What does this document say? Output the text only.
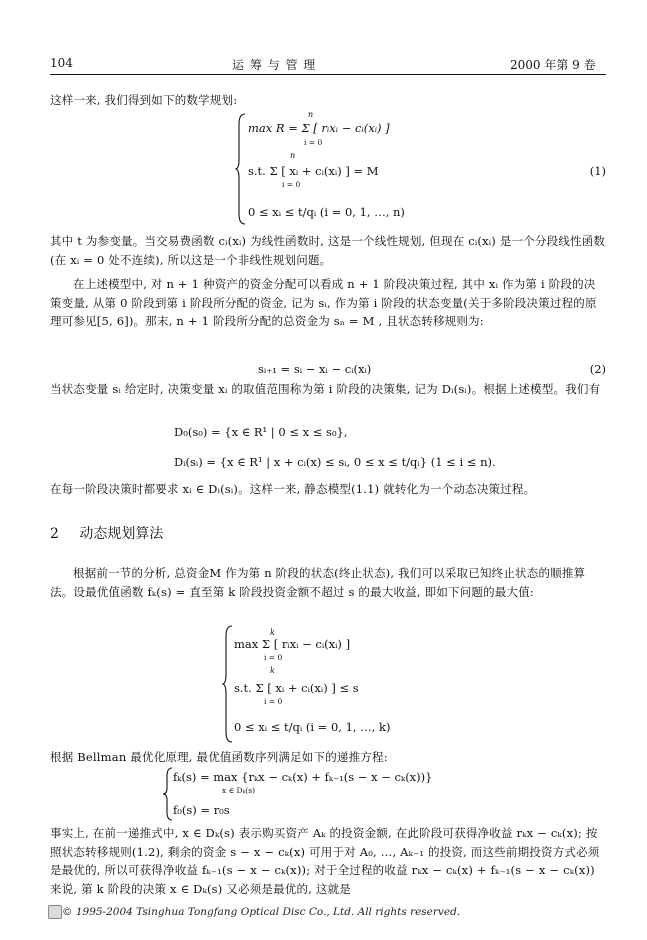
104	运 筹 与 管 理	2000 年第 9 卷

这样一来, 我们得到如下的数学规划:

n
max R = Σ [ rᵢxᵢ − cᵢ(xᵢ) ]
i = 0
n
s.t. Σ [ xᵢ + cᵢ(xᵢ) ] = M
i = 0
0 ≤ xᵢ ≤ t/qᵢ (i = 0, 1, …, n)
(1)

其中 t 为参变量。当交易费函数 cᵢ(xᵢ) 为线性函数时, 这是一个线性规划, 但现在 cᵢ(xᵢ) 是一个分段线性函数(在 xᵢ = 0 处不连续), 所以这是一个非线性规划问题。

在上述模型中, 对 n + 1 种资产的资金分配可以看成 n + 1 阶段决策过程, 其中 xᵢ 作为第 i 阶段的决策变量, 从第 0 阶段到第 i 阶段所分配的资金, 记为 sᵢ, 作为第 i 阶段的状态变量(关于多阶段决策过程的原理可参见[5, 6])。那末, n + 1 阶段所分配的总资金为 sₙ = M , 且状态转移规则为:

sᵢ₊₁ = sᵢ − xᵢ − cᵢ(xᵢ)	(2)

当状态变量 sᵢ 给定时, 决策变量 xᵢ 的取值范围称为第 i 阶段的决策集, 记为 Dᵢ(sᵢ)。根据上述模型。我们有

D₀(s₀) = {x ∈ R¹ | 0 ≤ x ≤ s₀},
Dᵢ(sᵢ) = {x ∈ R¹ | x + cᵢ(x) ≤ sᵢ, 0 ≤ x ≤ t/qᵢ} (1 ≤ i ≤ n).

在每一阶段决策时都要求 xᵢ ∈ Dᵢ(sᵢ)。这样一来, 静态模型(1.1) 就转化为一个动态决策过程。

2 动态规划算法

根据前一节的分析, 总资金M 作为第 n 阶段的状态(终止状态), 我们可以采取已知终止状态的顺推算法。设最优值函数 fₖ(s) = 直至第 k 阶段投资金额不超过 s 的最大收益, 即如下问题的最大值:

k
max Σ [ rᵢxᵢ − cᵢ(xᵢ) ]
i = 0
k
s.t. Σ [ xᵢ + cᵢ(xᵢ) ] ≤ s
i = 0
0 ≤ xᵢ ≤ t/qᵢ (i = 0, 1, …, k)

根据 Bellman 最优化原理, 最优值函数序列满足如下的递推方程:

fₖ(s) = max {rₖx − cₖ(x) + fₖ₋₁(s − x − cₖ(x))}
x ∈ Dₖ(s)
f₀(s) = r₀s

事实上, 在前一递推式中, x ∈ Dₖ(s) 表示购买资产 Aₖ 的投资金额, 在此阶段可获得净收益 rₖx − cₖ(x); 按照状态转移规则(1.2), 剩余的资金 s − x − cₖ(x) 可用于对 A₀, …, Aₖ₋₁ 的投资, 而这些前期投资方式必须是最优的, 所以可获得净收益 fₖ₋₁(s − x − cₖ(x)); 对于全过程的收益 rₖx − cₖ(x) + fₖ₋₁(s − x − cₖ(x)) 来说, 第 k 阶段的决策 x ∈ Dₖ(s) 又必须是最优的, 这就是

© 1995-2004 Tsinghua Tongfang Optical Disc Co., Ltd. All rights reserved.
